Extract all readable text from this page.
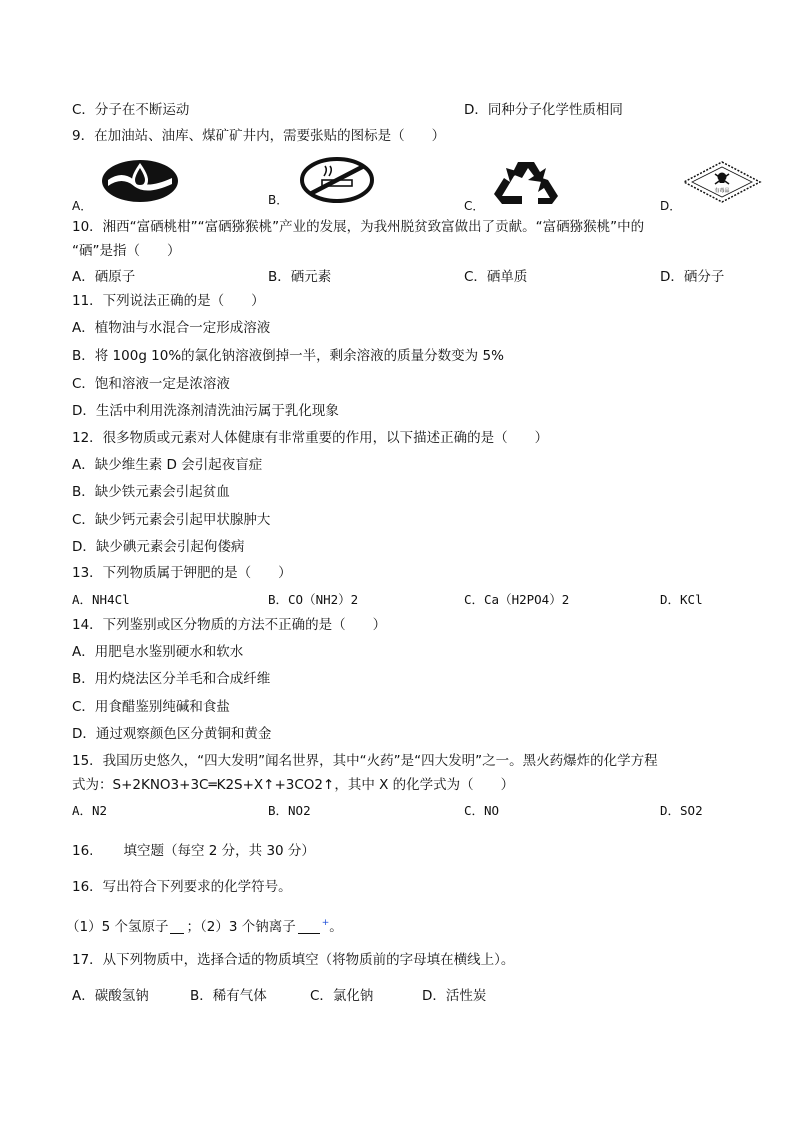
C．分子在不断运动	D．同种分子化学性质相同
9．在加油站、油库、煤矿矿井内，需要张贴的图标是（　　）
A．	B．	C．	D．
有毒品
10．湘西“富硒桃柑”“富硒猕猴桃”产业的发展，为我州脱贫致富做出了贡献。“富硒猕猴桃”中的
“硒”是指（　　）
A．硒原子	B．硒元素	C．硒单质	D．硒分子
11．下列说法正确的是（　　）
A．植物油与水混合一定形成溶液
B．将 100g 10%的氯化钠溶液倒掉一半，剩余溶液的质量分数变为 5%
C．饱和溶液一定是浓溶液
D．生活中利用洗涤剂清洗油污属于乳化现象
12．很多物质或元素对人体健康有非常重要的作用，以下描述正确的是（　　）
A．缺少维生素 D 会引起夜盲症
B．缺少铁元素会引起贫血
C．缺少钙元素会引起甲状腺肿大
D．缺少碘元素会引起佝偻病
13．下列物质属于钾肥的是（　　）
A．NH4Cl	B．CO（NH2）2	C．Ca（H2PO4）2	D．KCl
14．下列鉴别或区分物质的方法不正确的是（　　）
A．用肥皂水鉴别硬水和软水
B．用灼烧法区分羊毛和合成纤维
C．用食醋鉴别纯碱和食盐
D．通过观察颜色区分黄铜和黄金
15．我国历史悠久，“四大发明”闻名世界，其中“火药”是“四大发明”之一。黑火药爆炸的化学方程
式为：S+2KNO3+3C═K2S+X↑+3CO2↑，其中 X 的化学式为（　　）
A．N2	B．NO2	C．NO	D．SO2
16. 填空题（每空 2 分，共 30 分）
16．写出符合下列要求的化学符号。
（1）5 个氢原子 ；（2）3 个钠离子	+。
17．从下列物质中，选择合适的物质填空（将物质前的字母填在横线上）。
A．碳酸氢钠	B．稀有气体	C．氯化钠	D．活性炭
